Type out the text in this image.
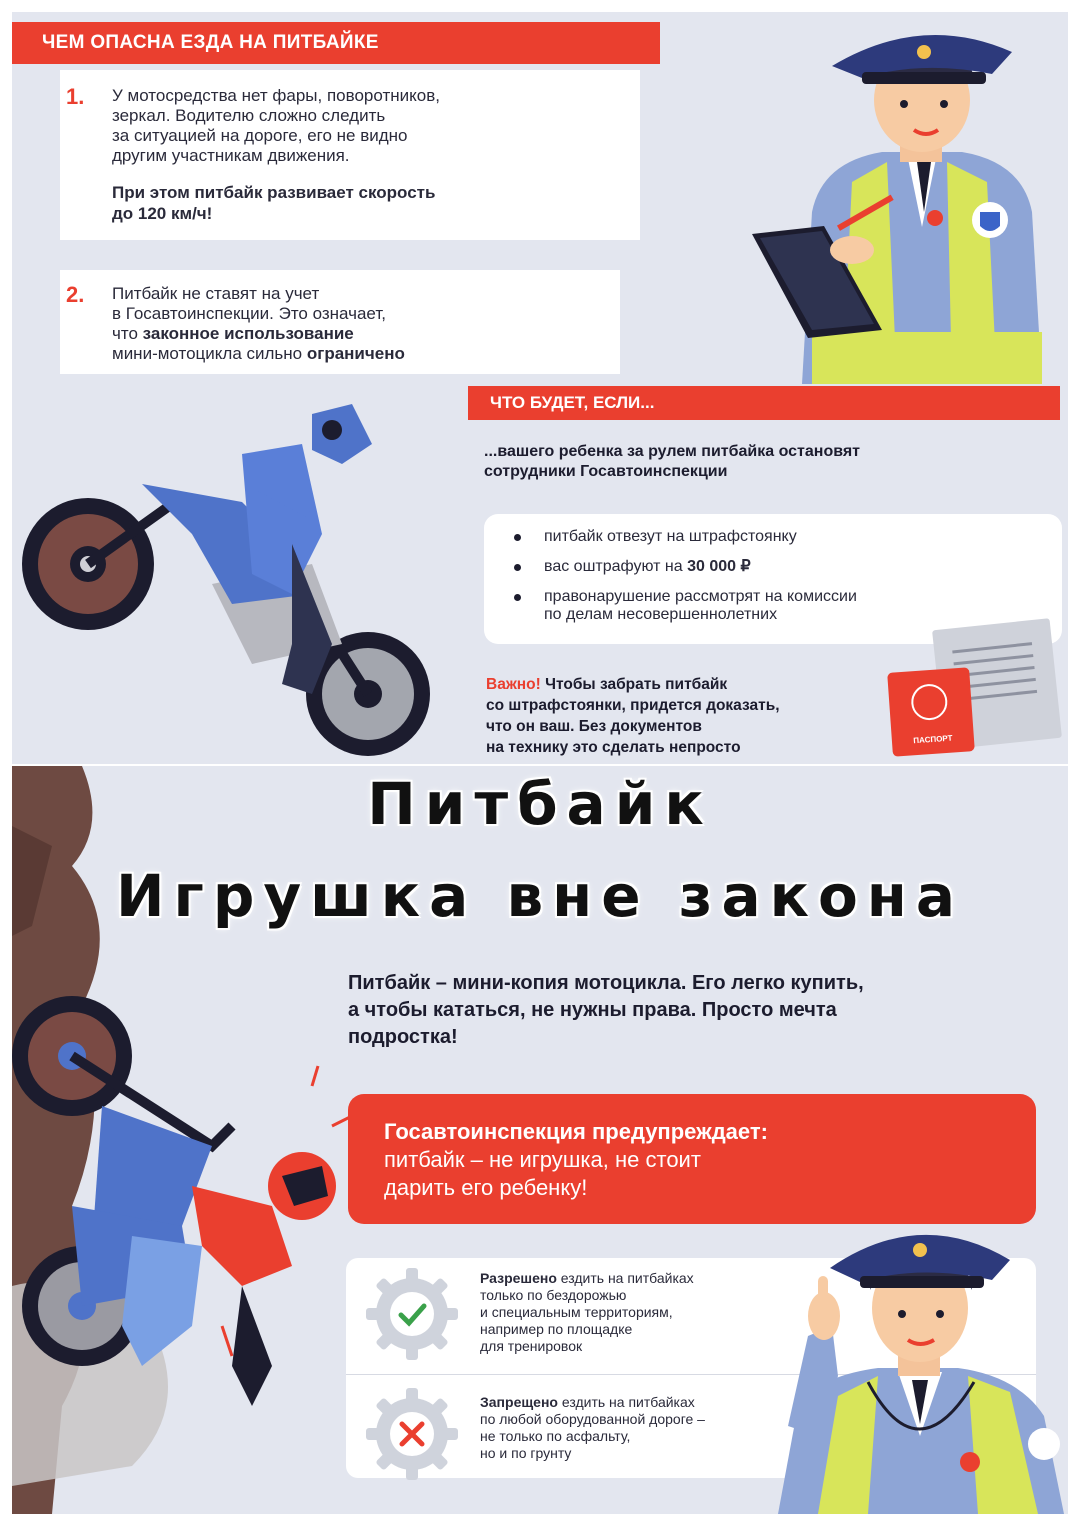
ЧЕМ ОПАСНА ЕЗДА НА ПИТБАЙКЕ
1. У мотосредства нет фары, поворотников,
зеркал. Водителю сложно следить
за ситуацией на дороге, его не видно
другим участникам движения.
При этом питбайк развивает скорость
до 120 км/ч!
2. Питбайк не ставят на учет
в Госавтоинспекции. Это означает,
что законное использование
мини-мотоцикла сильно ограничено
ЧТО БУДЕТ, ЕСЛИ...
...вашего ребенка за рулем питбайка остановят
сотрудники Госавтоинспекции
питбайк отвезут на штрафстоянку
вас оштрафуют на 30 000 ₽
правонарушение рассмотрят на комиссии
по делам несовершеннолетних
Важно! Чтобы забрать питбайк
со штрафстоянки, придется доказать,
что он ваш. Без документов
на технику это сделать непросто	ПАСПОРТ
Питбайк
Игрушка вне закона
Питбайк – мини-копия мотоцикла. Его легко купить,
а чтобы кататься, не нужны права. Просто мечта
подростка!
Госавтоинспекция предупреждает:
питбайк – не игрушка, не стоит
дарить его ребенку!
Разрешено ездить на питбайках
только по бездорожью
и специальным территориям,
например по площадке
для тренировок
Запрещено ездить на питбайках
по любой оборудованной дороге –
не только по асфальту,
но и по грунту
